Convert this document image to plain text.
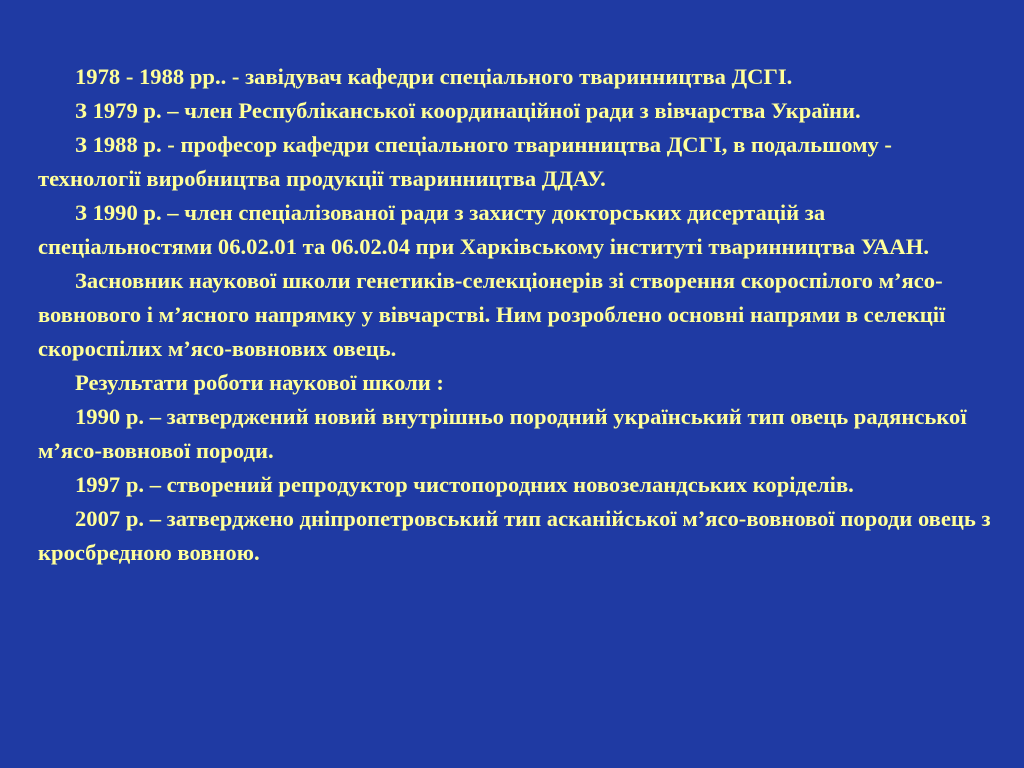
1978 - 1988 рр.. - завідувач кафедри спеціального тваринництва ДСГІ.

З 1979 р. – член Республіканської координаційної ради з вівчарства України.

З 1988 р. - професор кафедри спеціального тваринництва ДСГІ, в подальшому - технології виробництва продукції тваринництва ДДАУ.

З 1990 р. – член спеціалізованої ради з захисту докторських дисертацій за спеціальностями 06.02.01 та 06.02.04 при Харківському інституті тваринництва УААН.

Засновник наукової школи генетиків-селекціонерів зі створення скороспілого м’ясо-вовнового і м’ясного напрямку у вівчарстві. Ним розроблено основні напрями в селекції скороспілих м’ясо-вовнових овець.

Результати роботи наукової школи :

1990 р. – затверджений новий внутрішньо породний український тип овець радянської м’ясо-вовнової породи.

1997 р. – створений репродуктор чистопородних новозеландських коріделів.

2007 р. – затверджено дніпропетровський тип асканійської м’ясо-вовнової породи овець з кросбредною вовною.
